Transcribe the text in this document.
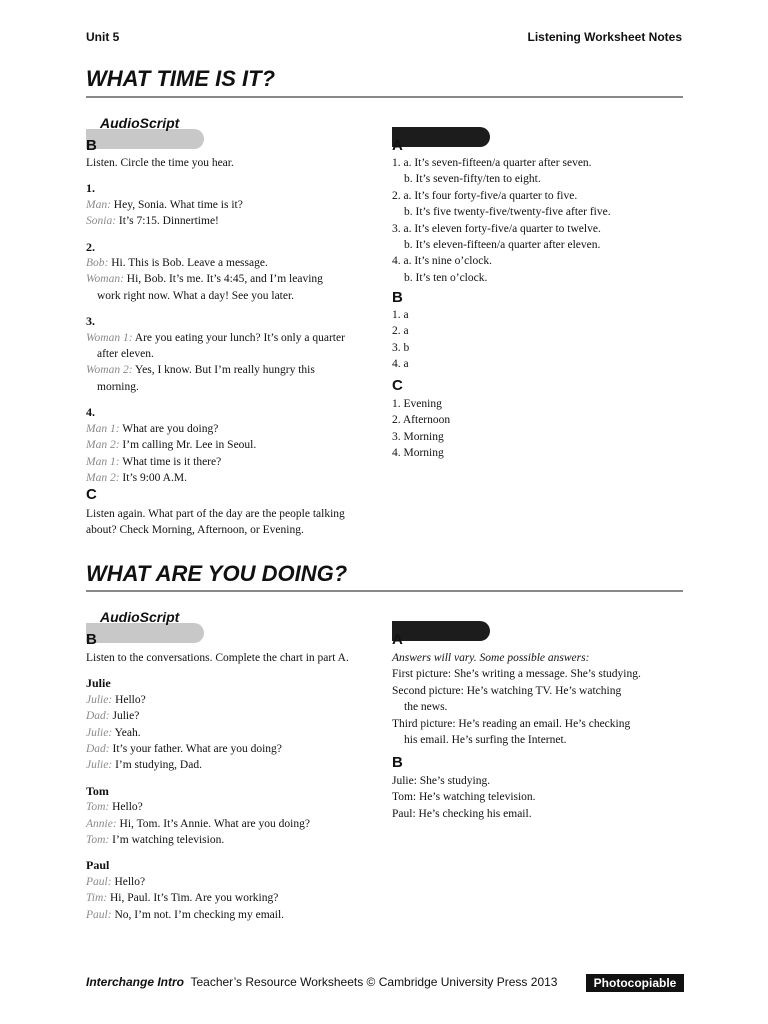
Unit 5	Listening Worksheet Notes
WHAT TIME IS IT?
AudioScript
B

Listen. Circle the time you hear.

1.

Man: Hey, Sonia. What time is it?

Sonia: It’s 7:15. Dinnertime!

2.

Bob: Hi. This is Bob. Leave a message.

Woman: Hi, Bob. It’s me. It’s 4:45, and I’m leaving

work right now. What a day! See you later.

3.

Woman 1: Are you eating your lunch? It’s only a quarter

after eleven.

Woman 2: Yes, I know. But I’m really hungry this

morning.

4.

Man 1: What are you doing?

Man 2: I’m calling Mr. Lee in Seoul.

Man 1: What time is it there?

Man 2: It’s 9:00 A.M.

C

Listen again. What part of the day are the people talking

about? Check Morning, Afternoon, or Evening.

A

1. a. It’s seven-fifteen/a quarter after seven.

b. It’s seven-fifty/ten to eight.

2. a. It’s four forty-five/a quarter to five.

b. It’s five twenty-five/twenty-five after five.

3. a. It’s eleven forty-five/a quarter to twelve.

b. It’s eleven-fifteen/a quarter after eleven.

4. a. It’s nine o’clock.

b. It’s ten o’clock.

B

1. a

2. a

3. b

4. a

C

1. Evening

2. Afternoon

3. Morning

4. Morning

WHAT ARE YOU DOING?
AudioScript
B

Listen to the conversations. Complete the chart in part A.

Julie

Julie: Hello?

Dad: Julie?

Julie: Yeah.

Dad: It’s your father. What are you doing?

Julie: I’m studying, Dad.

Tom

Tom: Hello?

Annie: Hi, Tom. It’s Annie. What are you doing?

Tom: I’m watching television.

Paul

Paul: Hello?

Tim: Hi, Paul. It’s Tim. Are you working?

Paul: No, I’m not. I’m checking my email.

A

Answers will vary. Some possible answers:

First picture: She’s writing a message. She’s studying.

Second picture: He’s watching TV. He’s watching

the news.

Third picture: He’s reading an email. He’s checking

his email. He’s surfing the Internet.

B

Julie: She’s studying.

Tom: He’s watching television.

Paul: He’s checking his email.

Interchange Intro Teacher’s Resource Worksheets © Cambridge University Press 2013	Photocopiable
